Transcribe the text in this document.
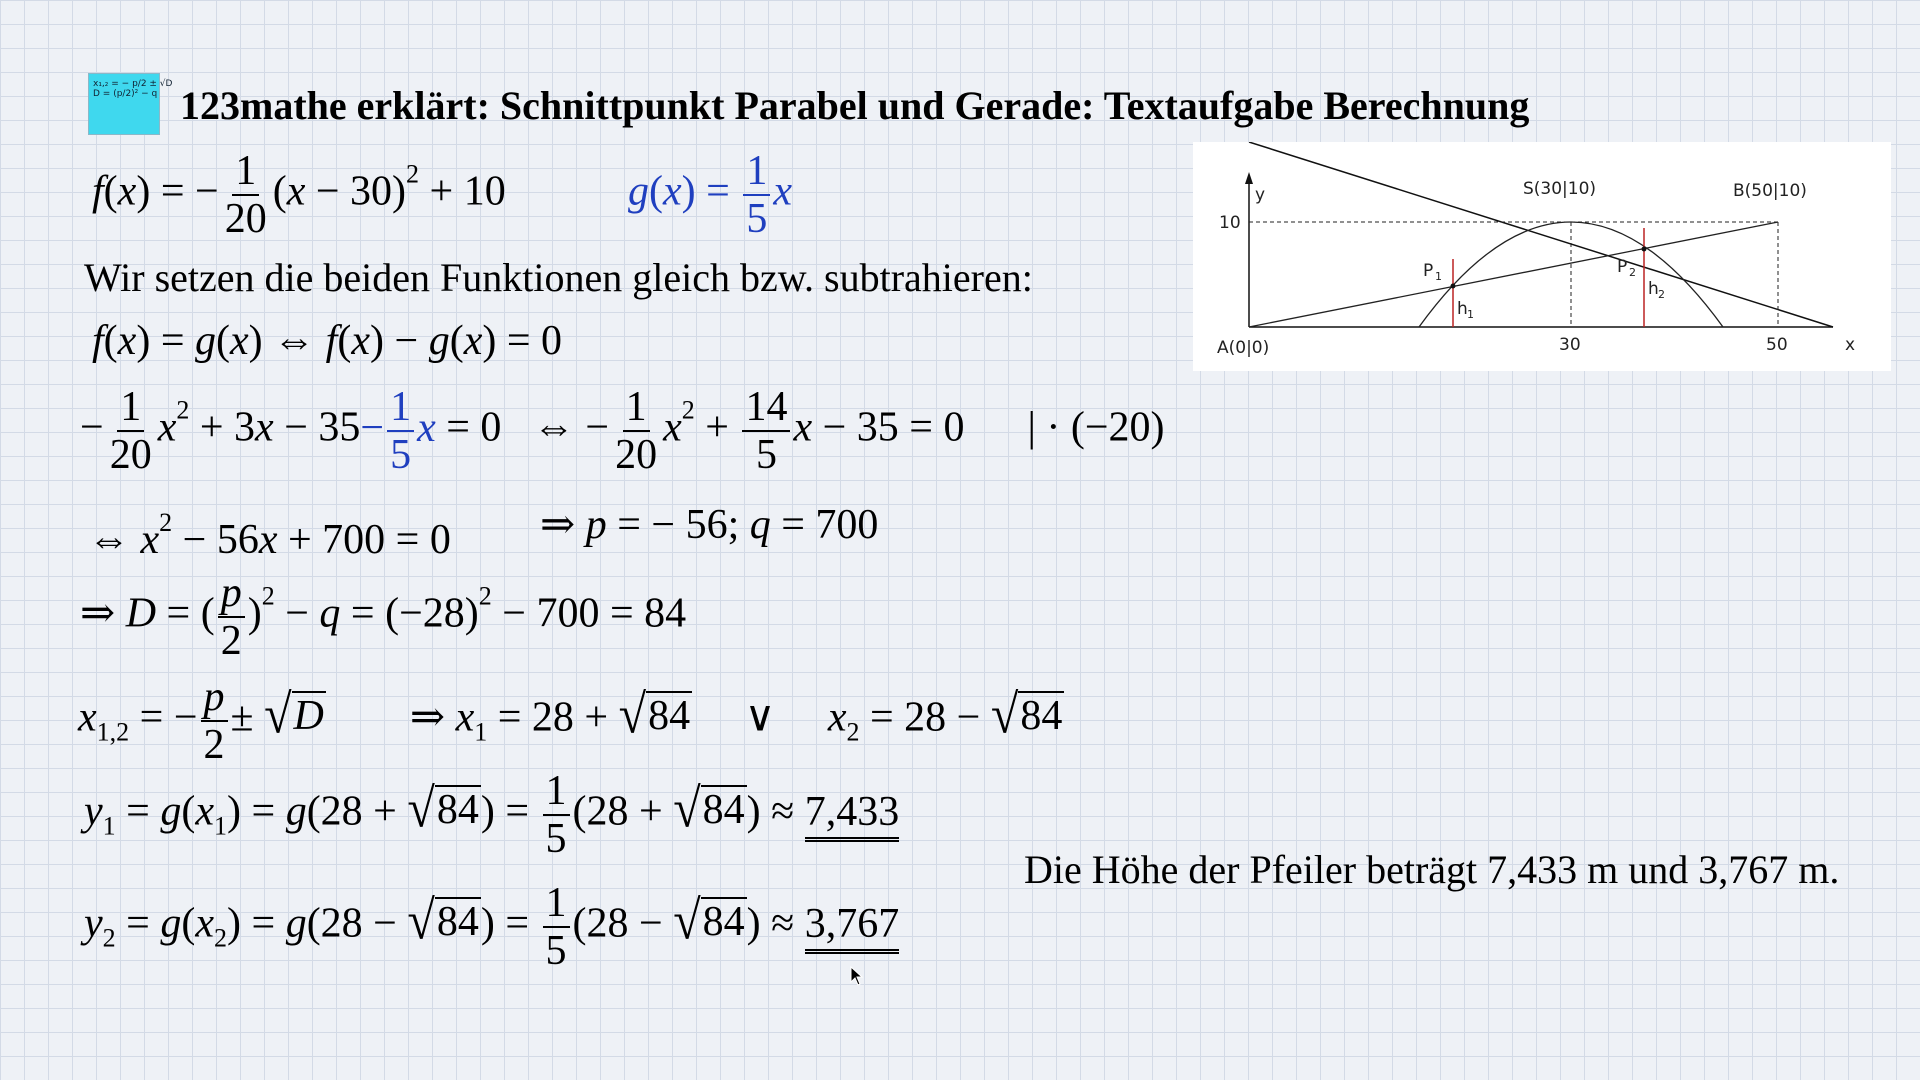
x₁,₂ = − p/2 ± √D
D = (p/2)² − q 123mathe erklärt: Schnittpunkt Parabel und Gerade: Textaufgabe Berechnung
f(x) = − $\frac{1}{20} (x - 30)^2 + 10$	$g(x) = \frac{1}{5}$ x
Wir setzen die beiden Funktionen gleich bzw. subtrahieren:
f(x) = g(x) ⇔ f(x) − g(x) = 0
− $\frac{1}{20} x^2 + 3x - 35- \frac{1}{5}$ x = 0   ⇔ − $\frac{1}{20} x^2 + \frac{14}{5}$ x − 35 = 0      | · (−20)
⇔ $x^2 - 56x + 700 = 0$ ⇒ p = − 56; q = 700
⇒ D = ( $\frac{p}{2} )^2 - q = (-28)^2 - 700 = 84$
$x_{1,2}$ = − $\frac{p}{2}$ ± √ D ⇒ $x_1 = 28$ + √ 84 ∨     $x_2 = 28$ − √ 84
$y_1 = g(x_1) = g(28$ + √ 84 ) = $\frac{1}{5} (28$ + √ 84 ) ≈ 7,433
$y_2 = g(x_2) = g(28$ − √ 84 ) = $\frac{1}{5} (28$ − √ 84 ) ≈ 3,767
Die Höhe der Pfeiler beträgt 7,433 m und 3,767 m.
y
10
S(30|10)	B(50|10)
A(0|0)	30	50	x
P 1	P 2
h 1
h 2
